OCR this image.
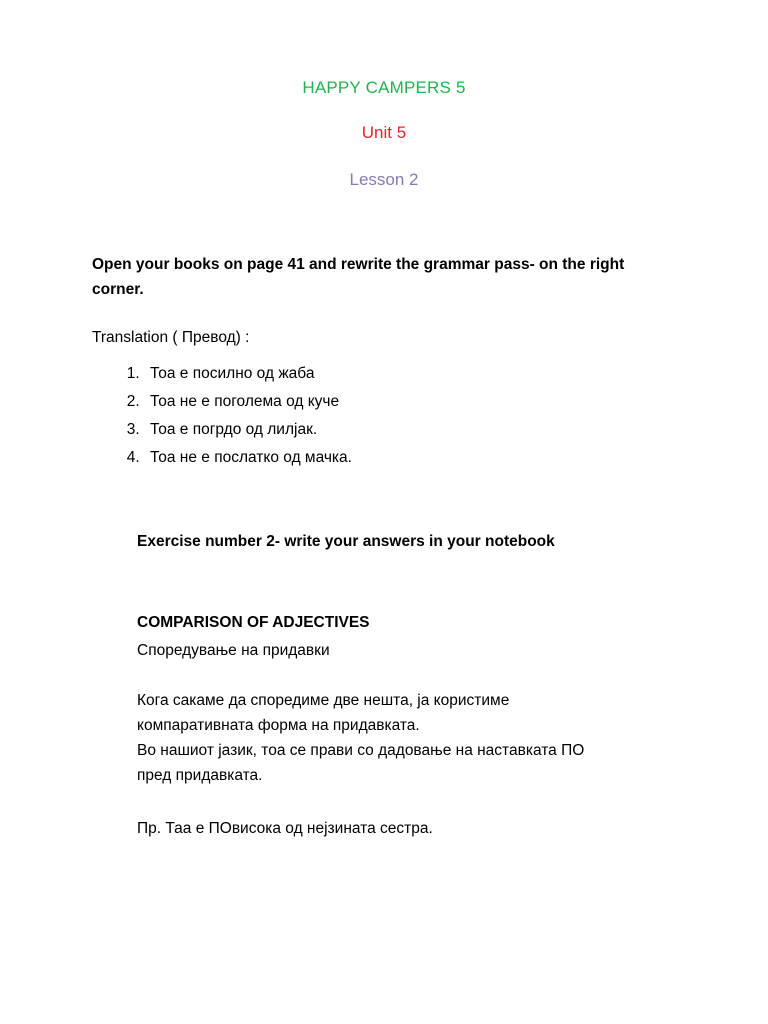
HAPPY CAMPERS 5
Unit 5
Lesson 2
Open your books on page 41 and rewrite the grammar pass- on the right corner.
Translation ( Превод) :
1. Тоа е посилно од жаба
2. Тоа не е поголема од куче
3. Тоа е погрдо од лилјак.
4. Тоа не е послатко од мачка.
Exercise number 2- write your answers in your notebook
COMPARISON OF ADJECTIVES
Споредување на придавки
Кога сакаме да споредиме две нешта, ја користиме
компаративната форма на придавката.
Во нашиот јазик, тоа се прави со дадовање на наставката ПО
пред придавката.
Пр. Таа е ПОвисока од нејзината сестра.
